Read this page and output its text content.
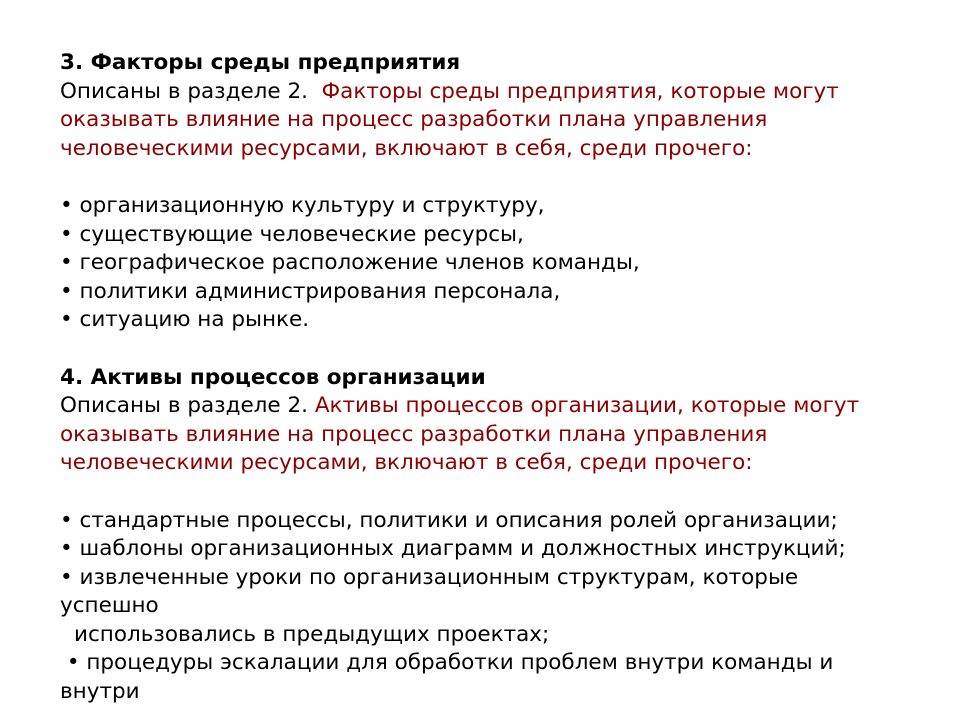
3. Факторы среды предприятия

Описаны в разделе 2. Факторы среды предприятия, которые могут

оказывать влияние на процесс разработки плана управления

человеческими ресурсами, включают в себя, среди прочего:

• организационную культуру и структуру,
• существующие человеческие ресурсы,
• географическое расположение членов команды,
• политики администрирования персонала,
• ситуацию на рынке.

4. Активы процессов организации

Описаны в разделе 2. Активы процессов организации, которые могут

оказывать влияние на процесс разработки плана управления

человеческими ресурсами, включают в себя, среди прочего:

• стандартные процессы, политики и описания ролей организации;
• шаблоны организационных диаграмм и должностных инструкций;
• извлеченные уроки по организационным структурам, которые
успешно
использовались в предыдущих проектах;
• процедуры эскалации для обработки проблем внутри команды и
внутри
